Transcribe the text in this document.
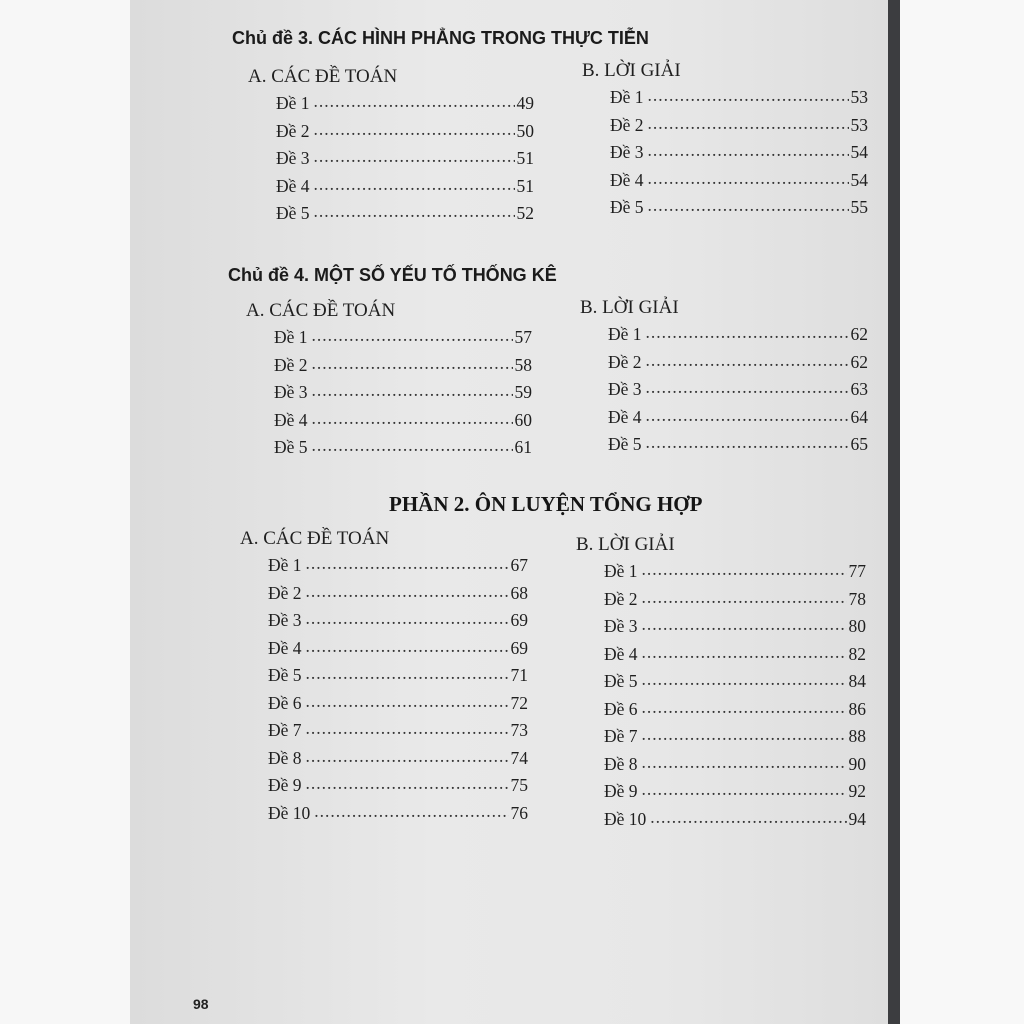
Chủ đề 3. CÁC HÌNH PHẲNG TRONG THỰC TIỄN
A. CÁC ĐỀ TOÁN
Đề 1 .....	49
Đề 2 .....	50
Đề 3 .....	51
Đề 4 .....	51
Đề 5 .....	52
B. LỜI GIẢI
Đề 1 .....	53
Đề 2 .....	53
Đề 3 .....	54
Đề 4 .....	54
Đề 5 .....	55
Chủ đề 4. MỘT SỐ YẾU TỐ THỐNG KÊ
A. CÁC ĐỀ TOÁN
Đề 1 .....	57
Đề 2 .....	58
Đề 3 .....	59
Đề 4 .....	60
Đề 5 .....	61
B. LỜI GIẢI
Đề 1 .....	62
Đề 2 .....	62
Đề 3 .....	63
Đề 4 .....	64
Đề 5 .....	65
PHẦN 2. ÔN LUYỆN TỔNG HỢP
A. CÁC ĐỀ TOÁN
Đề 1 .....	67
Đề 2 .....	68
Đề 3 .....	69
Đề 4 .....	69
Đề 5 .....	71
Đề 6 .....	72
Đề 7 .....	73
Đề 8 .....	74
Đề 9 .....	75
Đề 10 .....	76
B. LỜI GIẢI
Đề 1 .....	77
Đề 2 .....	78
Đề 3 .....	80
Đề 4 .....	82
Đề 5 .....	84
Đề 6 .....	86
Đề 7 .....	88
Đề 8 .....	90
Đề 9 .....	92
Đề 10 .....	94
98
